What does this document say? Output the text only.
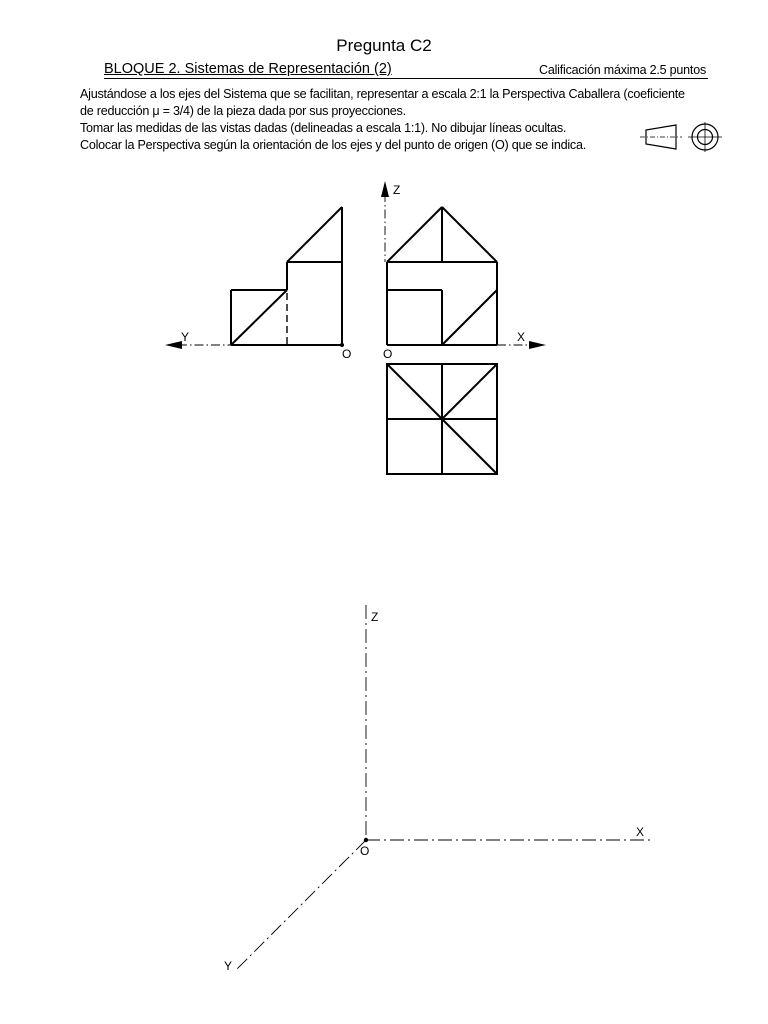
Pregunta C2
BLOQUE 2. Sistemas de Representación (2)	Calificación máxima 2.5 puntos

Ajustándose a los ejes del Sistema que se facilitan, representar a escala 2:1 la Perspectiva Caballera (coeficiente

de reducción μ = 3/4) de la pieza dada por sus proyecciones.

Tomar las medidas de las vistas dadas (delineadas a escala 1:1). No dibujar líneas ocultas.

Colocar la Perspectiva según la orientación de los ejes y del punto de origen (O) que se indica.

Y	X
Z
O	O
Z
X
Y
O
